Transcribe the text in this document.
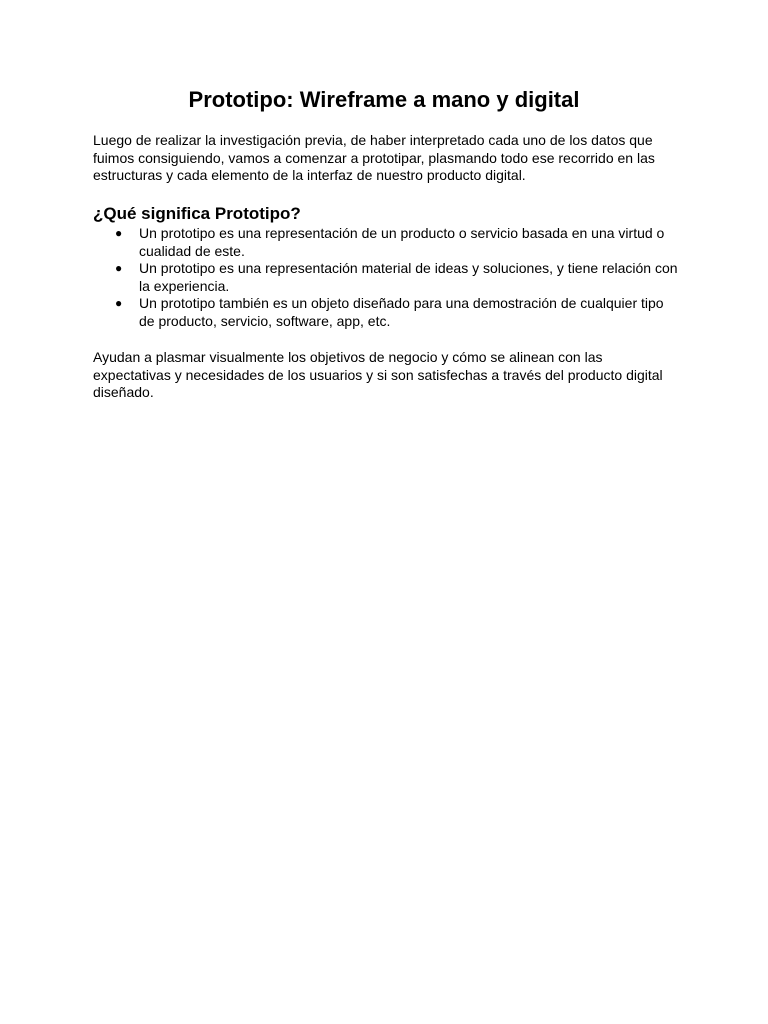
Prototipo: Wireframe a mano y digital

Luego de realizar la investigación previa, de haber interpretado cada uno de los datos que fuimos consiguiendo, vamos a comenzar a prototipar, plasmando todo ese recorrido en las estructuras y cada elemento de la interfaz de nuestro producto digital.

¿Qué significa Prototipo?
● Un prototipo es una representación de un producto o servicio basada en una virtud o cualidad de este.
● Un prototipo es una representación material de ideas y soluciones, y tiene relación con la experiencia.
● Un prototipo también es un objeto diseñado para una demostración de cualquier tipo de producto, servicio, software, app, etc.

Ayudan a plasmar visualmente los objetivos de negocio y cómo se alinean con las expectativas y necesidades de los usuarios y si son satisfechas a través del producto digital diseñado.
